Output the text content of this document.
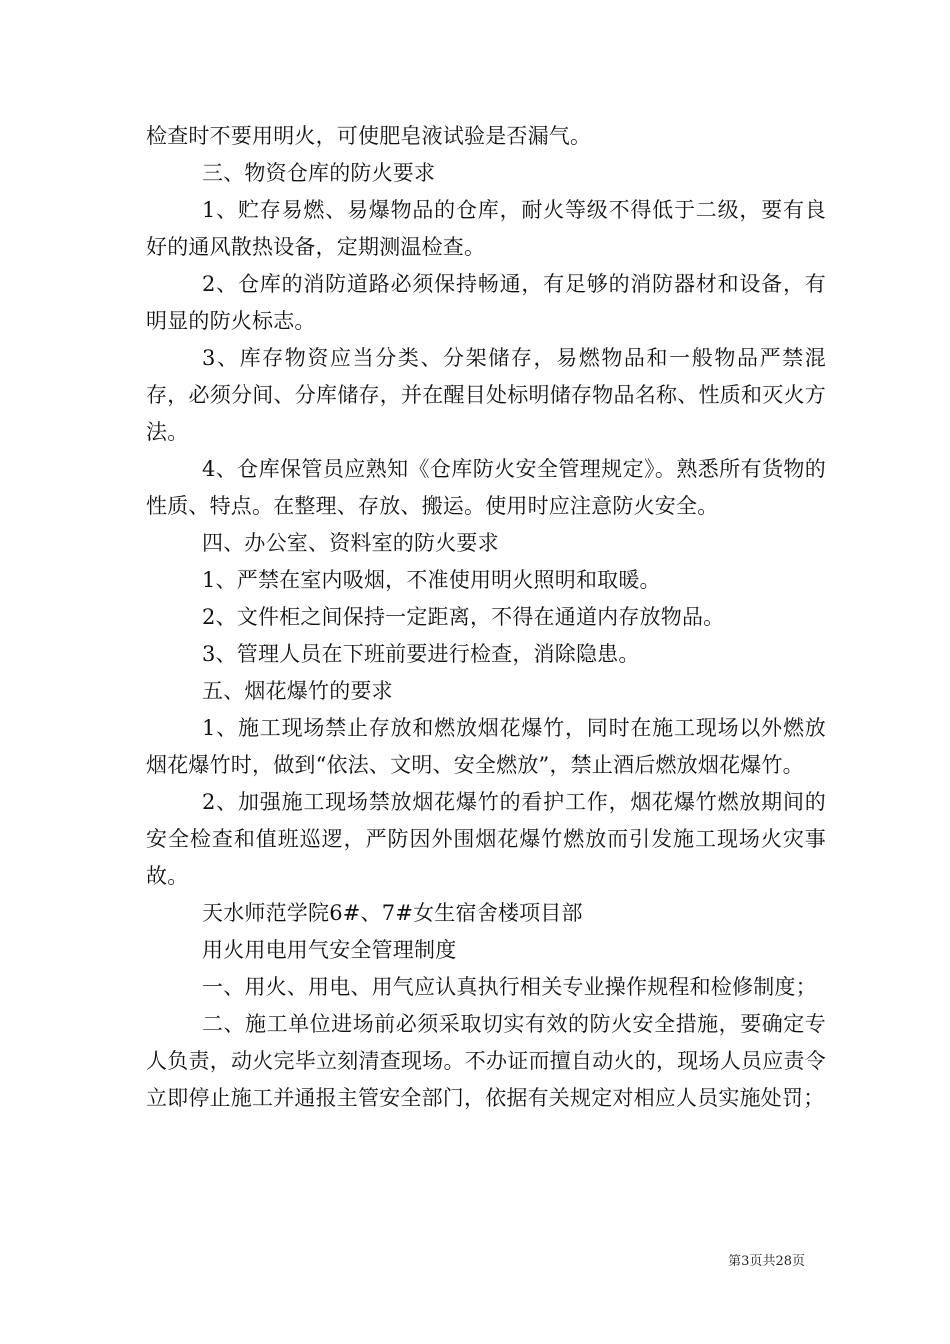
检查时不要用明火，可使肥皂液试验是否漏气。

三、物资仓库的防火要求

1、贮存易燃、易爆物品的仓库，耐火等级不得低于二级，要有良好的通风散热设备，定期测温检查。

2、仓库的消防道路必须保持畅通，有足够的消防器材和设备，有明显的防火标志。

3、库存物资应当分类、分架储存，易燃物品和一般物品严禁混存，必须分间、分库储存，并在醒目处标明储存物品名称、性质和灭火方法。

4、仓库保管员应熟知《仓库防火安全管理规定》。熟悉所有货物的性质、特点。在整理、存放、搬运。使用时应注意防火安全。

四、办公室、资料室的防火要求

1、严禁在室内吸烟，不准使用明火照明和取暖。

2、文件柜之间保持一定距离，不得在通道内存放物品。

3、管理人员在下班前要进行检查，消除隐患。

五、烟花爆竹的要求

1、施工现场禁止存放和燃放烟花爆竹，同时在施工现场以外燃放烟花爆竹时，做到“依法、文明、安全燃放”，禁止酒后燃放烟花爆竹。

2、加强施工现场禁放烟花爆竹的看护工作，烟花爆竹燃放期间的安全检查和值班巡逻，严防因外围烟花爆竹燃放而引发施工现场火灾事故。

天水师范学院6#、7#女生宿舍楼项目部

用火用电用气安全管理制度

一、用火、用电、用气应认真执行相关专业操作规程和检修制度；

二、施工单位进场前必须采取切实有效的防火安全措施，要确定专人负责，动火完毕立刻清查现场。不办证而擅自动火的，现场人员应责令立即停止施工并通报主管安全部门，依据有关规定对相应人员实施处罚；

第3页共28页
